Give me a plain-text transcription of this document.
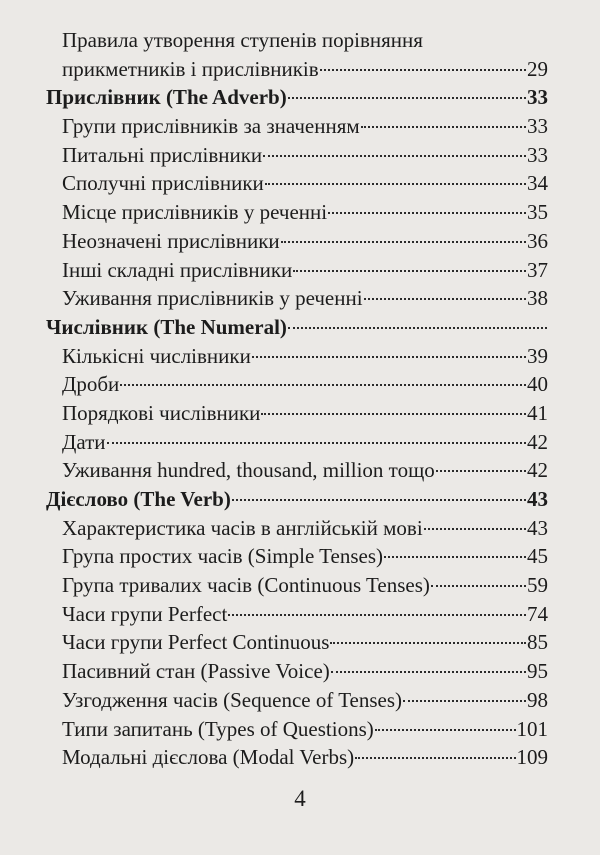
Правила утворення ступенів порівняння
прикметників і прислівників	29
Прислівник (The Adverb)	33
Групи прислівників за значенням	33
Питальні прислівники	33
Сполучні прислівники	34
Місце прислівників у реченні	35
Неозначені прислівники	36
Інші складні прислівники	37
Уживання прислівників у реченні	38
Числівник (The Numeral)
Кількісні числівники	39
Дроби	40
Порядкові числівники	41
Дати	42
Уживання hundred, thousand, million тощо	42
Дієслово (The Verb)	43
Характеристика часів в англійській мові	43
Група простих часів (Simple Tenses)	45
Група тривалих часів (Continuous Tenses)	59
Часи групи Perfect	74
Часи групи Perfect Continuous	85
Пасивний стан (Passive Voice)	95
Узгодження часів (Sequence of Tenses)	98
Типи запитань (Types of Questions)	101
Модальні дієслова (Modal Verbs)	109
4
